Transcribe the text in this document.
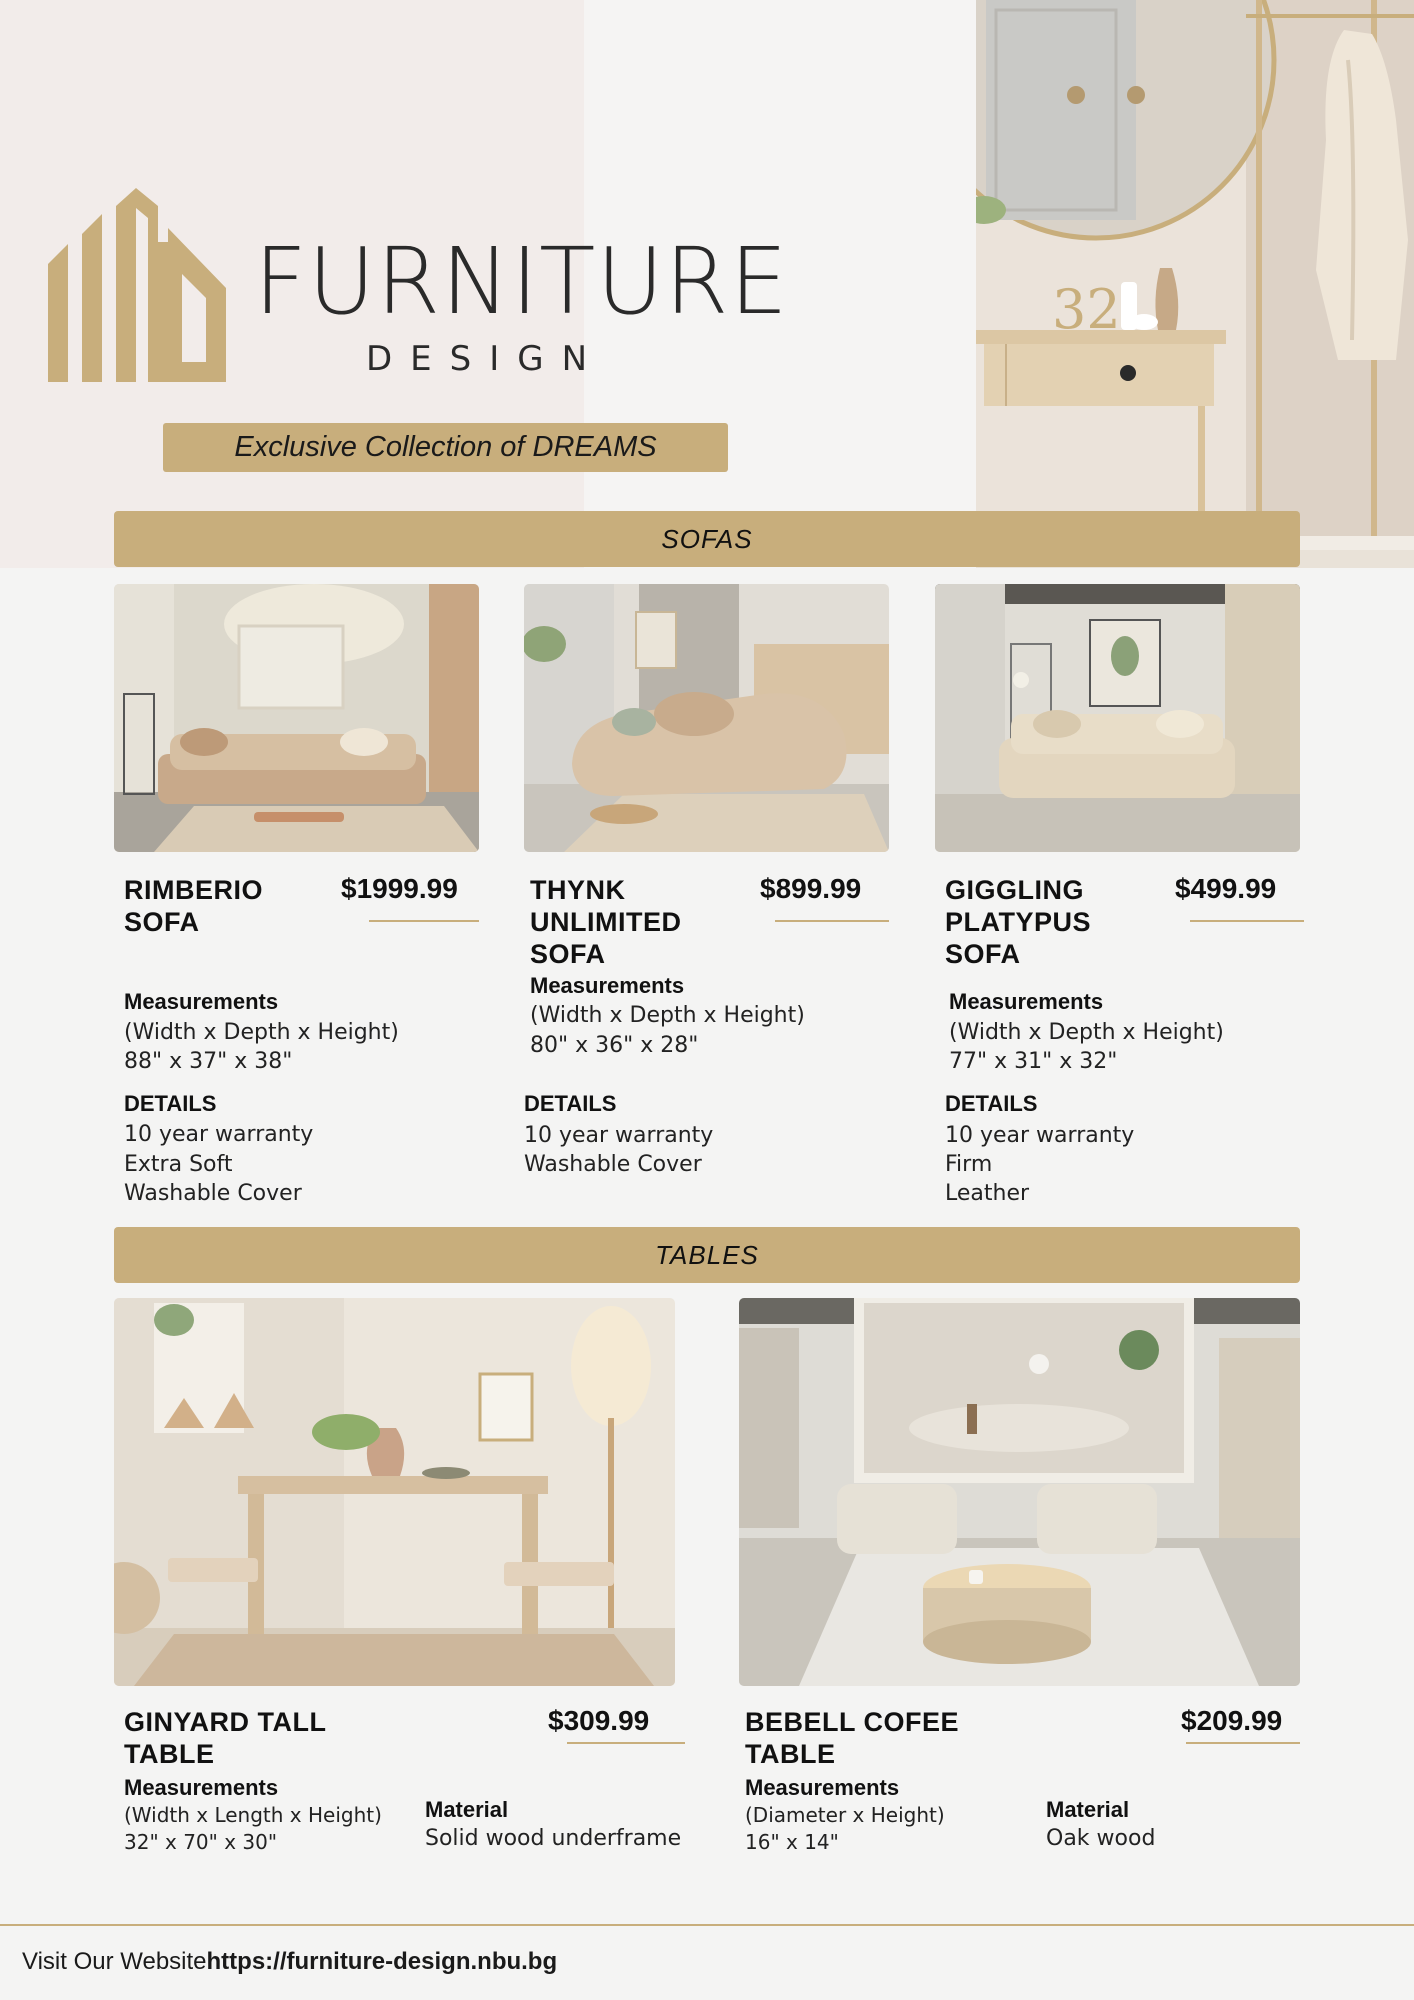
32
FURNITURE
DESIGN
Exclusive Collection of DREAMS
SOFAS
RIMBERIO
SOFA
$1999.99
Measurements
(Width x Depth x Height)
88" x 37" x 38"
DETAILS
10 year warranty
Extra Soft
Washable Cover
THYNK
UNLIMITED
SOFA
$899.99
Measurements
(Width x Depth x Height)
80" x 36" x 28"
DETAILS
10 year warranty
Washable Cover
GIGGLING
PLATYPUS
SOFA
$499.99
Measurements
(Width x Depth x Height)
77" x 31" x 32"
DETAILS
10 year warranty
Firm
Leather
TABLES
GINYARD TALL
TABLE
$309.99
Measurements
(Width x Length x Height)
32" x 70" x 30"
Material
Solid wood underframe
BEBELL COFEE
TABLE
$209.99
Measurements
(Diameter x Height)
16" x 14"
Material
Oak wood
Visit Our Websitehttps://furniture-design.nbu.bg
